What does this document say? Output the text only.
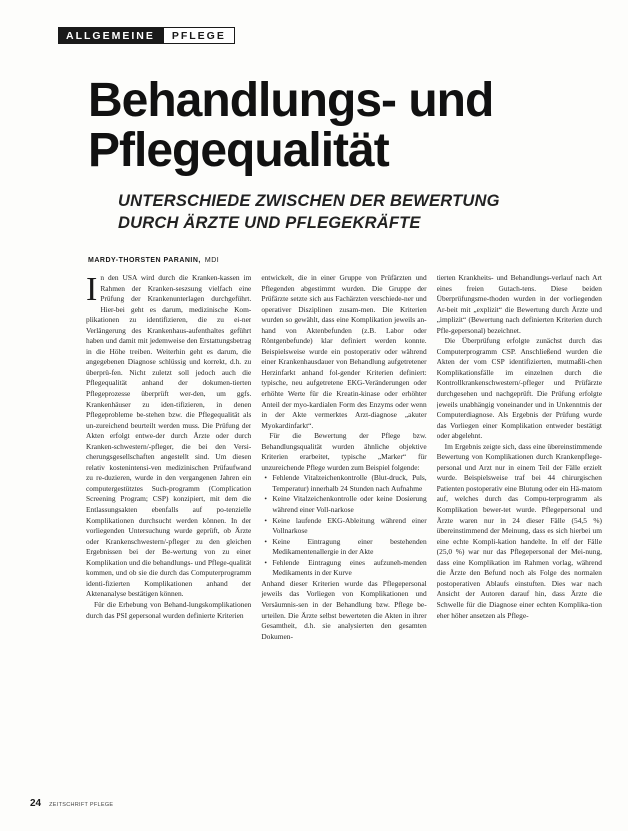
ALLGEMEINE	PFLEGE
Behandlungs- und
Pflegequalität
UNTERSCHIEDE ZWISCHEN DER BEWERTUNG
DURCH ÄRZTE UND PFLEGEKRÄFTE
MARDY-THORSTEN PARANIN, MDI

In den USA wird durch die Kranken-kassen im Rahmen der Kranken-seszsung vielfach eine Prüfung der Krankenunterlagen durchgeführt. Hier-bei geht es darum, medizinische Kom-plikationen zu identifizieren, die zu ei-ner Verlängerung des Krankenhaus-aufenthaltes geführt haben und damit mit jedemweise den Erstattungsbetrag in die Höhe treiben. Weiterhin geht es darum, die angegebenen Diagnose schlüssig und korrekt, d.h. zu überprü-fen. Nicht zuletzt soll jedoch auch die Pflegequalität anhand der dokumen-tierten Pflegeprozesse überprüft wer-den, um ggfs. Krankenhäuser zu iden-tifizieren, in denen Pflegeprobleme be-stehen bzw. die Pflegequalität als un-zureichend beurteilt werden muss. Die Prüfung der Akten erfolgt entwe-der durch Ärzte oder durch Kranken-schwestern/-pfleger, die bei den Versi-cherungsgesellschaften angestellt sind. Um diesen relativ kostenintensi-ven medizinischen Prüfaufwand zu re-duzieren, wurde in den vergangenen Jahren ein computergestütztes Such-programm (Complication Screening Program; CSP) konzipiert, mit dem die Entlassungsakten ebenfalls auf po-tenzielle Komplikationen durchsucht werden können. In der vorliegenden Untersuchung wurde geprüft, ob Ärzte oder Krankenschwestern/-pfleger zu den gleichen Ergebnissen bei der Be-wertung von zu einer Komplikation und die behandlungs- und Pflege-qualität kommen, und ob sie die durch das Computerprogramm identi-fizierten Komplikationen anhand der Aktenanalyse bestätigen können.

Für die Erhebung von Behand-lungskomplikationen durch das PSI gepersonal wurden definierte Kriterien

entwickelt, die in einer Gruppe von Prüfärzten und Pflegenden abgestimmt wurden. Die Gruppe der Prüfärzte setzte sich aus Fachärzten verschiede-ner und operativer Disziplinen zusam-men. Die Kriterien wurden so gewählt, dass eine Komplikation jeweils an-hand von Aktenbefunden (z.B. Labor oder Röntgenbefunde) klar definiert werden konnte. Beispielsweise wurde ein postoperativ oder während einer Krankenhausdauer von Behandlung aufgetretener Herzinfarkt anhand fol-gender Kriterien definiert: typische, neu aufgetretene EKG-Veränderungen oder erhöhte Werte für die Kreatin-kinase oder erhöhter Anteil der myo-kardialen Form des Enzyms oder wenn in der Akte vermerktes Arzt-diagnose „akuter Myokardinfarkt“.

Für die Bewertung der Pflege bzw. Behandlungsqualität wurden ähnliche objektive Kriterien erarbeitet, typische „Marker“ für unzureichende Pflege wurden zum Beispiel folgende:

• Fehlende Vitalzeichenkontrolle (Blut-druck, Puls, Temperatur) innerhalb 24 Stunden nach Aufnahme
• Keine Vitalzeichenkontrolle oder keine Dosierung während einer Voll-narkose
• Keine laufende EKG-Ableitung während einer Vollnarkose
• Keine Eintragung einer bestehenden Medikamentenallergie in der Akte
• Fehlende Eintragung eines aufzuneh-menden Medikaments in der Kurve

Anhand dieser Kriterien wurde das Pflegepersonal jeweils das Vorliegen von Komplikationen und Versäumnis-sen in der Behandlung bzw. Pflege be-urteilen. Die Ärzte selbst bewerteten die Akten in ihrer Gesamtheit, d.h. sie analysierten den gesamten Dokumen-

tierten Krankheits- und Behandlungs-verlauf nach Art eines freien Gutach-tens. Diese beiden Überprüfungsme-thoden wurden in der vorliegenden Ar-beit mit „explizit“ die Bewertung durch Ärzte und „implizit“ (Bewertung nach definierten Kriterien durch Pfle-gepersonal) bezeichnet.

Die Überprüfung erfolgte zunächst durch das Computerprogramm CSP. Anschließend wurden die Akten der vom CSP identifizierten, mutmaßli-chen Komplikationsfälle im einzelnen durch die Kontrollkrankenschwestern/-pfleger und Prüfärzte durchgesehen und nachgeprüft. Die Prüfung erfolgte jeweils unabhängig voneinander und in Unkenntnis der Computerdiagnose. Als Ergebnis der Prüfung wurde das Vorliegen einer Komplikation entweder bestätigt oder abgelehnt.

Im Ergebnis zeigte sich, dass eine übereinstimmende Bewertung von Komplikationen durch Krankenpflege-personal und Arzt nur in einem Teil der Fälle erzielt wurde. Beispielsweise traf bei 44 chirurgischen Patienten postoperativ eine Blutung oder ein Hä-matom auf, welches durch das Compu-terprogramm als Komplikation bewer-tet wurde. Pflegepersonal und Ärzte waren nur in 24 dieser Fälle (54,5 %) übereinstimmend der Meinung, dass es sich hierbei um eine echte Kompli-kation handelte. In elf der Fälle (25,0 %) war nur das Pflegepersonal der Mei-nung, dass eine Komplikation im Rahmen vorlag, während die Ärzte den Befund noch als Folge des normalen postoperativen Ablaufs einstuften. Dies war nach Ansicht der Autoren darauf hin, dass Ärzte die Schwelle für die Diagnose einer echten Komplika-tion eher höher ansetzen als Pflege-

24 ZEITSCHRIFT PFLEGE
